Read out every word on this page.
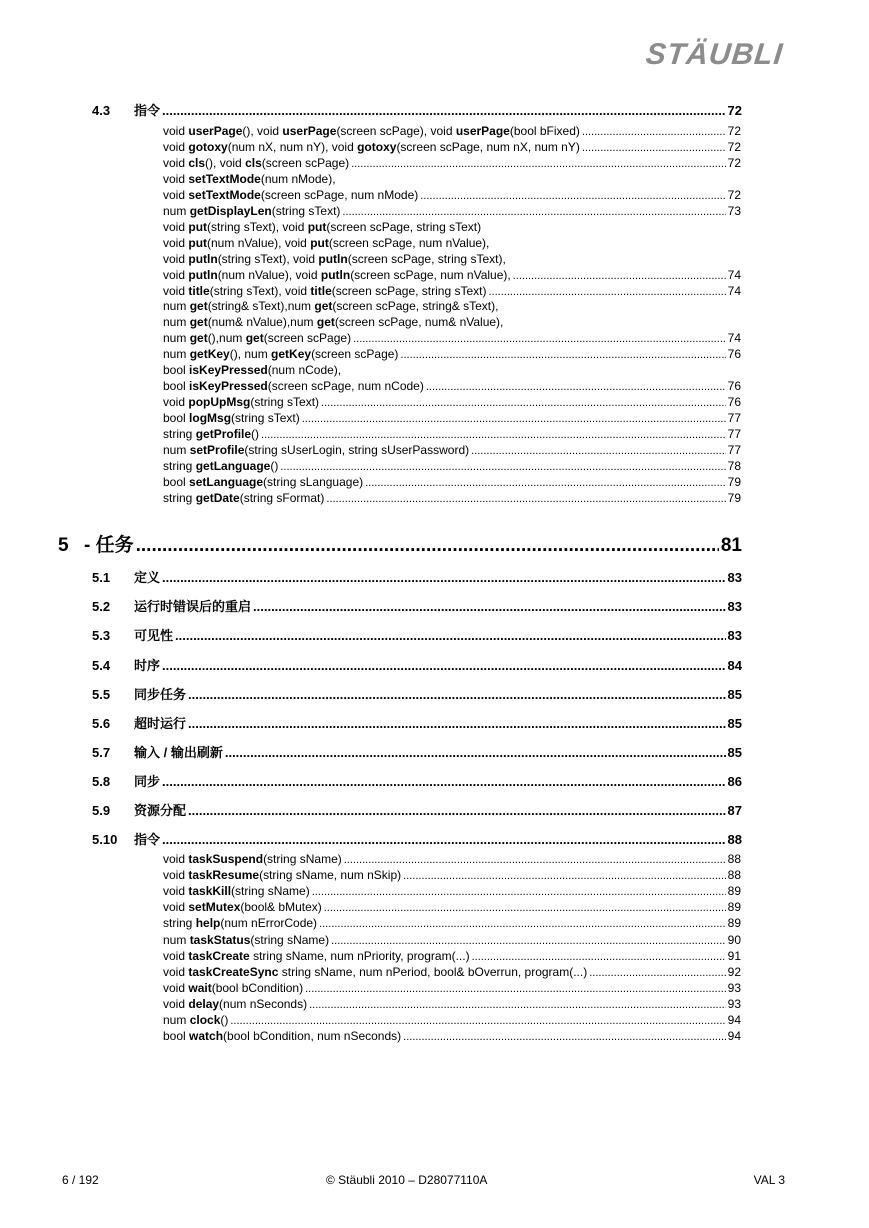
STÄUBLI
4.3	指令 .....	72
void userPage(), void userPage(screen scPage), void userPage(bool bFixed) .....	72
void gotoxy(num nX, num nY), void gotoxy(screen scPage, num nX, num nY) .....	72
void cls(), void cls(screen scPage) .....	72
void setTextMode(num nMode),
void setTextMode(screen scPage, num nMode) .....	72
num getDisplayLen(string sText) .....	73
void put(string sText), void put(screen scPage, string sText)
void put(num nValue), void put(screen scPage, num nValue),
void putln(string sText), void putln(screen scPage, string sText),
void putln(num nValue), void putln(screen scPage, num nValue), .....	74
void title(string sText), void title(screen scPage, string sText) .....	74
num get(string& sText),num get(screen scPage, string& sText),
num get(num& nValue),num get(screen scPage, num& nValue),
num get(),num get(screen scPage) .....	74
num getKey(), num getKey(screen scPage) .....	76
bool isKeyPressed(num nCode),
bool isKeyPressed(screen scPage, num nCode) .....	76
void popUpMsg(string sText) .....	76
bool logMsg(string sText) .....	77
string getProfile() .....	77
num setProfile(string sUserLogin, string sUserPassword) .....	77
string getLanguage() .....	78
bool setLanguage(string sLanguage) .....	79
string getDate(string sFormat) .....	79
5 - 任务 .....	81
5.1	定义 .....	83
5.2	运行时错误后的重启 .....	83
5.3	可见性 .....	83
5.4	时序 .....	84
5.5	同步任务 .....	85
5.6	超时运行 .....	85
5.7	输入 / 输出刷新 .....	85
5.8	同步 .....	86
5.9	资源分配 .....	87
5.10	指令 .....	88
void taskSuspend(string sName) .....	88
void taskResume(string sName, num nSkip) .....	88
void taskKill(string sName) .....	89
void setMutex(bool& bMutex) .....	89
string help(num nErrorCode) .....	89
num taskStatus(string sName) .....	90
void taskCreate string sName, num nPriority, program(...) .....	91
void taskCreateSync string sName, num nPeriod, bool& bOverrun, program(...) .....	92
void wait(bool bCondition) .....	93
void delay(num nSeconds) .....	93
num clock() .....	94
bool watch(bool bCondition, num nSeconds) .....	94
6 / 192	© Stäubli 2010 – D28077110A	VAL 3
